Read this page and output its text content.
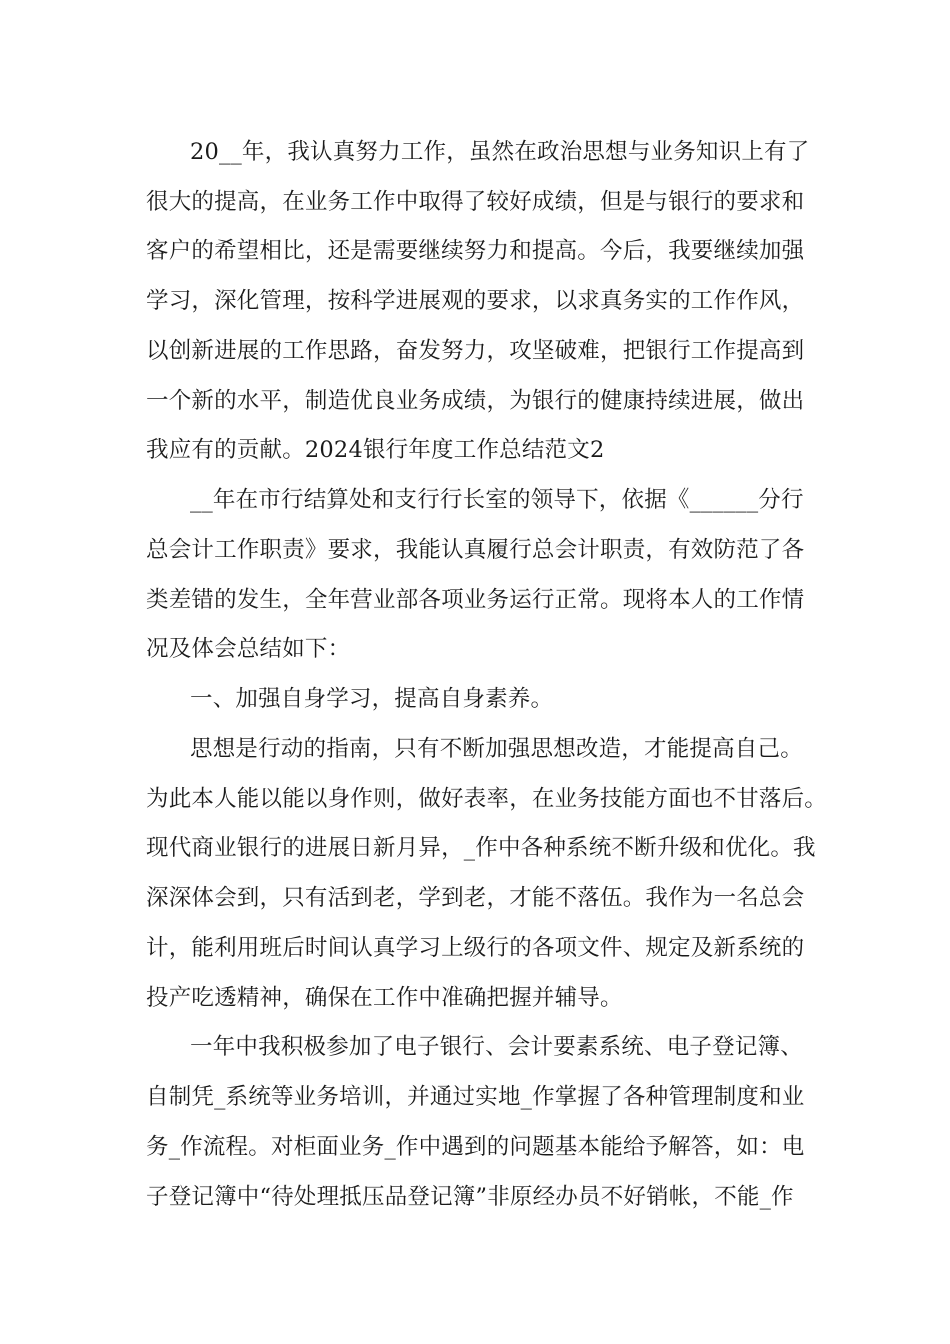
20__年，我认真努力工作，虽然在政治思想与业务知识上有了

很大的提高，在业务工作中取得了较好成绩，但是与银行的要求和

客户的希望相比，还是需要继续努力和提高。今后，我要继续加强

学习，深化管理，按科学进展观的要求，以求真务实的工作作风，

以创新进展的工作思路，奋发努力，攻坚破难，把银行工作提高到

一个新的水平，制造优良业务成绩，为银行的健康持续进展，做出

我应有的贡献。2024银行年度工作总结范文2

__年在市行结算处和支行行长室的领导下，依据《______分行

总会计工作职责》要求，我能认真履行总会计职责，有效防范了各

类差错的发生，全年营业部各项业务运行正常。现将本人的工作情

况及体会总结如下：

一、加强自身学习，提高自身素养。

思想是行动的指南，只有不断加强思想改造，才能提高自己。

为此本人能以能以身作则，做好表率，在业务技能方面也不甘落后。

现代商业银行的进展日新月异，_作中各种系统不断升级和优化。我

深深体会到，只有活到老，学到老，才能不落伍。我作为一名总会

计，能利用班后时间认真学习上级行的各项文件、规定及新系统的

投产吃透精神，确保在工作中准确把握并辅导。

一年中我积极参加了电子银行、会计要素系统、电子登记簿、

自制凭_系统等业务培训，并通过实地_作掌握了各种管理制度和业

务_作流程。对柜面业务_作中遇到的问题基本能给予解答，如：电

子登记簿中“待处理抵压品登记簿”非原经办员不好销帐，不能_作
